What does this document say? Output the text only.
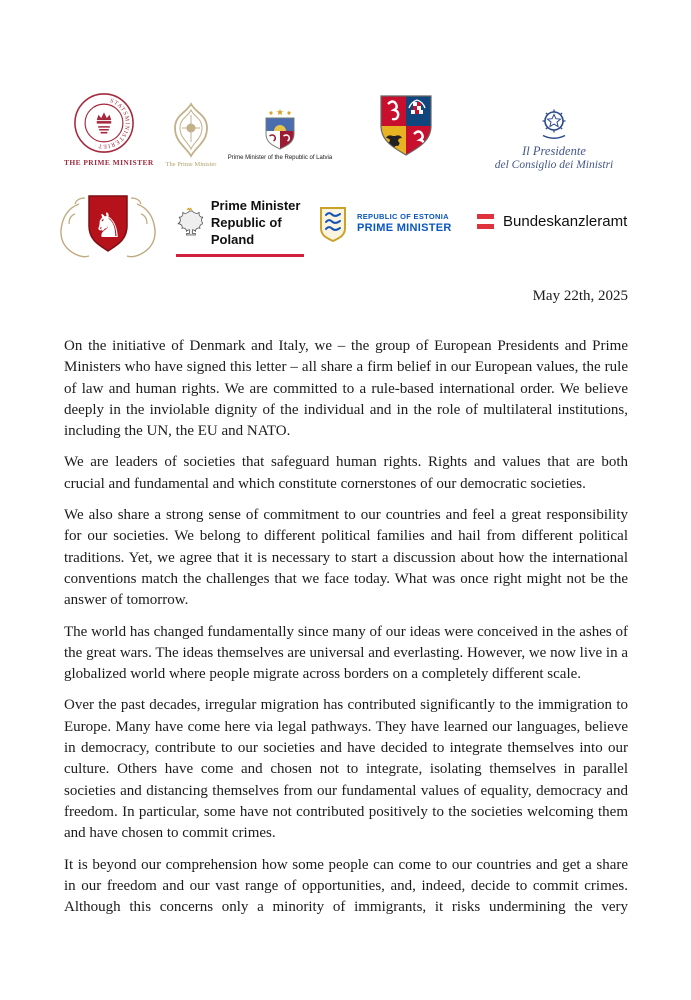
STATSMINISTERIET
THE PRIME MINISTER	The Prime Minister
Prime Minister of the Republic of Latvia	Il Presidente
del Consiglio dei Ministri
♞
Prime Minister
Republic of Poland
REPUBLIC OF ESTONIA
PRIME MINISTER	Bundeskanzleramt
May 22th, 2025

On the initiative of Denmark and Italy, we – the group of European Presidents and Prime Ministers who have signed this letter – all share a firm belief in our European values, the rule of law and human rights. We are committed to a rule-based international order. We believe deeply in the inviolable dignity of the individual and in the role of multilateral institutions, including the UN, the EU and NATO.

We are leaders of societies that safeguard human rights. Rights and values that are both crucial and fundamental and which constitute cornerstones of our democratic societies.

We also share a strong sense of commitment to our countries and feel a great responsibility for our societies. We belong to different political families and hail from different political traditions. Yet, we agree that it is necessary to start a discussion about how the international conventions match the challenges that we face today. What was once right might not be the answer of tomorrow.

The world has changed fundamentally since many of our ideas were conceived in the ashes of the great wars. The ideas themselves are universal and everlasting. However, we now live in a globalized world where people migrate across borders on a completely different scale.

Over the past decades, irregular migration has contributed significantly to the immigration to Europe. Many have come here via legal pathways. They have learned our languages, believe in democracy, contribute to our societies and have decided to integrate themselves into our culture. Others have come and chosen not to integrate, isolating themselves in parallel societies and distancing themselves from our fundamental values of equality, democracy and freedom. In particular, some have not contributed positively to the societies welcoming them and have chosen to commit crimes.

It is beyond our comprehension how some people can come to our countries and get a share in our freedom and our vast range of opportunities, and, indeed, decide to commit crimes. Although this concerns only a minority of immigrants, it risks undermining the very
